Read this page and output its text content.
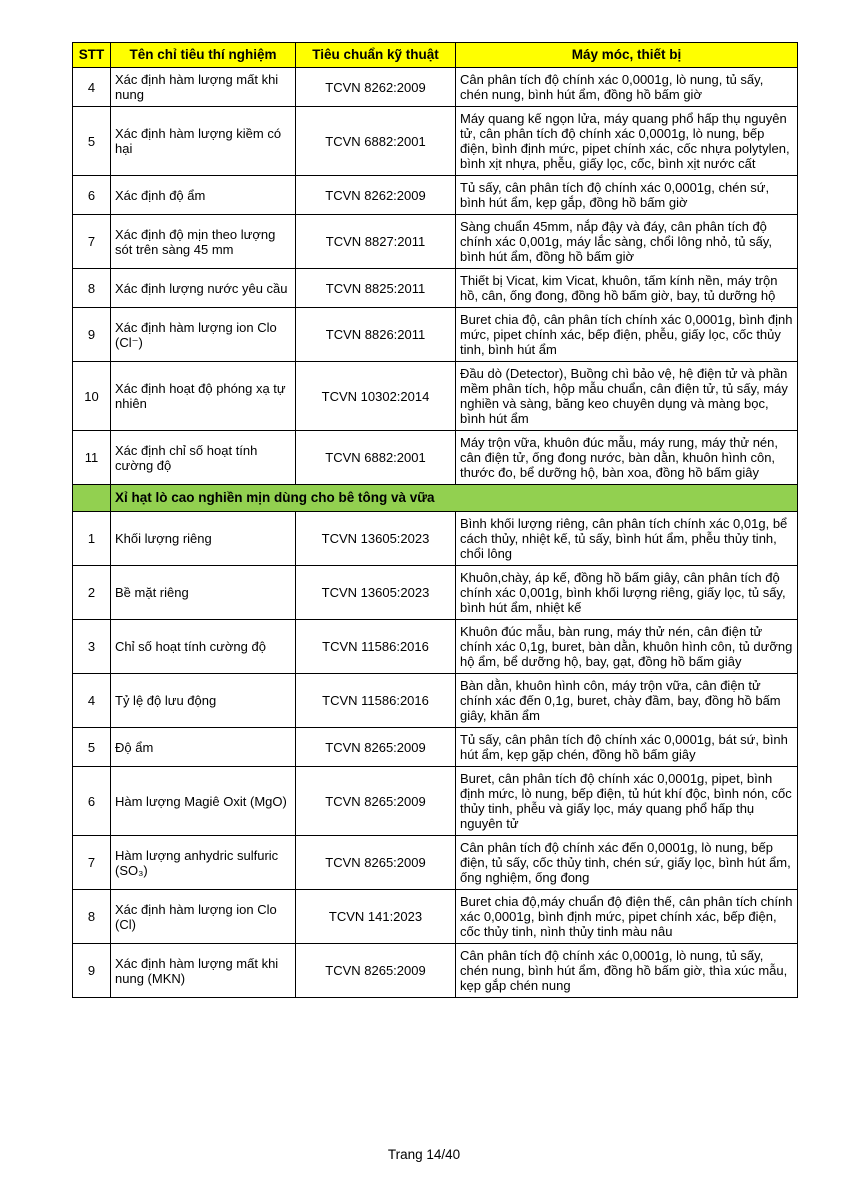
STT	Tên chỉ tiêu thí nghiệm	Tiêu chuẩn kỹ thuật	Máy móc, thiết bị
4	Xác định hàm lượng mất khi nung	TCVN 8262:2009	Cân phân tích độ chính xác 0,0001g, lò nung, tủ sấy, chén nung, bình hút ẩm, đồng hồ bấm giờ
5	Xác định hàm lượng kiềm có hại	TCVN 6882:2001	Máy quang kế ngọn lửa, máy quang phổ hấp thụ nguyên tử, cân phân tích độ chính xác 0,0001g, lò nung, bếp điện, bình định mức, pipet chính xác, cốc nhựa polytylen, bình xịt nhựa, phễu, giấy lọc, cốc, bình xịt nước cất
6	Xác định độ ẩm	TCVN 8262:2009	Tủ sấy, cân phân tích độ chính xác 0,0001g, chén sứ, bình hút ẩm, kẹp gắp, đồng hồ bấm giờ
7	Xác định độ mịn theo lượng sót trên sàng 45 mm	TCVN 8827:2011	Sàng chuẩn 45mm, nắp đậy và đáy, cân phân tích độ chính xác 0,001g, máy lắc sàng, chổi lông nhỏ, tủ sấy, bình hút ẩm, đồng hồ bấm giờ
8	Xác định lượng nước yêu cầu	TCVN 8825:2011	Thiết bị Vicat, kim Vicat, khuôn, tấm kính nền, máy trộn hồ, cân, ống đong, đồng hồ bấm giờ, bay, tủ dưỡng hộ
9	Xác định hàm lượng ion Clo (Cl⁻)	TCVN 8826:2011	Buret chia độ, cân phân tích chính xác 0,0001g, bình định mức, pipet chính xác, bếp điện, phễu, giấy lọc, cốc thủy tinh, bình hút ẩm
10	Xác định hoạt độ phóng xạ tự nhiên	TCVN 10302:2014	Đầu dò (Detector), Buồng chì bảo vệ, hệ điện tử và phần mềm phân tích, hộp mẫu chuẩn, cân điện tử, tủ sấy, máy nghiền và sàng, băng keo chuyên dụng và màng bọc, bình hút ẩm
11	Xác định chỉ số hoạt tính cường độ	TCVN 6882:2001	Máy trộn vữa, khuôn đúc mẫu, máy rung, máy thử nén, cân điện tử, ống đong nước, bàn dằn, khuôn hình côn, thước đo, bể dưỡng hộ, bàn xoa, đồng hồ bấm giây
	Xỉ hạt lò cao nghiền mịn dùng cho bê tông và vữa		
1	Khối lượng riêng	TCVN 13605:2023	Bình khối lượng riêng, cân phân tích chính xác 0,01g, bể cách thủy, nhiệt kế, tủ sấy, bình hút ẩm, phễu thủy tinh, chổi lông
2	Bề mặt riêng	TCVN 13605:2023	Khuôn,chày, áp kế, đồng hồ bấm giây, cân phân tích độ chính xác 0,001g, bình khối lượng riêng, giấy lọc, tủ sấy, bình hút ẩm, nhiệt kế
3	Chỉ số hoạt tính cường độ	TCVN 11586:2016	Khuôn đúc mẫu, bàn rung, máy thử nén, cân điện tử chính xác 0,1g, buret, bàn dằn, khuôn hình côn, tủ dưỡng hộ ẩm, bể dưỡng hộ, bay, gạt, đồng hồ bấm giây
4	Tỷ lệ độ lưu động	TCVN 11586:2016	Bàn dằn, khuôn hình côn, máy trộn vữa, cân điện tử chính xác đến 0,1g, buret, chày đầm, bay, đồng hồ bấm giây, khăn ẩm
5	Độ ẩm	TCVN 8265:2009	Tủ sấy, cân phân tích độ chính xác 0,0001g, bát sứ, bình hút ẩm, kẹp gặp chén, đồng hồ bấm giây
6	Hàm lượng Magiê Oxit (MgO)	TCVN 8265:2009	Buret, cân phân tích độ chính xác 0,0001g, pipet, bình định mức, lò nung, bếp điện, tủ hút khí độc, bình nón, cốc thủy tinh, phễu và giấy lọc, máy quang phổ hấp thụ nguyên tử
7	Hàm lượng anhydric sulfuric (SO₃)	TCVN 8265:2009	Cân phân tích độ chính xác đến 0,0001g, lò nung, bếp điện, tủ sấy, cốc thủy tinh, chén sứ, giấy lọc, bình hút ẩm, ống nghiệm, ống đong
8	Xác định hàm lượng ion Clo (Cl)	TCVN 141:2023	Buret chia độ,máy chuẩn độ điện thế, cân phân tích chính xác 0,0001g, bình định mức, pipet chính xác, bếp điện, cốc thủy tinh, nình thủy tinh màu nâu
9	Xác định hàm lượng mất khi nung (MKN)	TCVN 8265:2009	Cân phân tích độ chính xác 0,0001g, lò nung, tủ sấy, chén nung, bình hút ẩm, đồng hồ bấm giờ, thìa xúc mẫu, kẹp gắp chén nung
Trang 14/40
